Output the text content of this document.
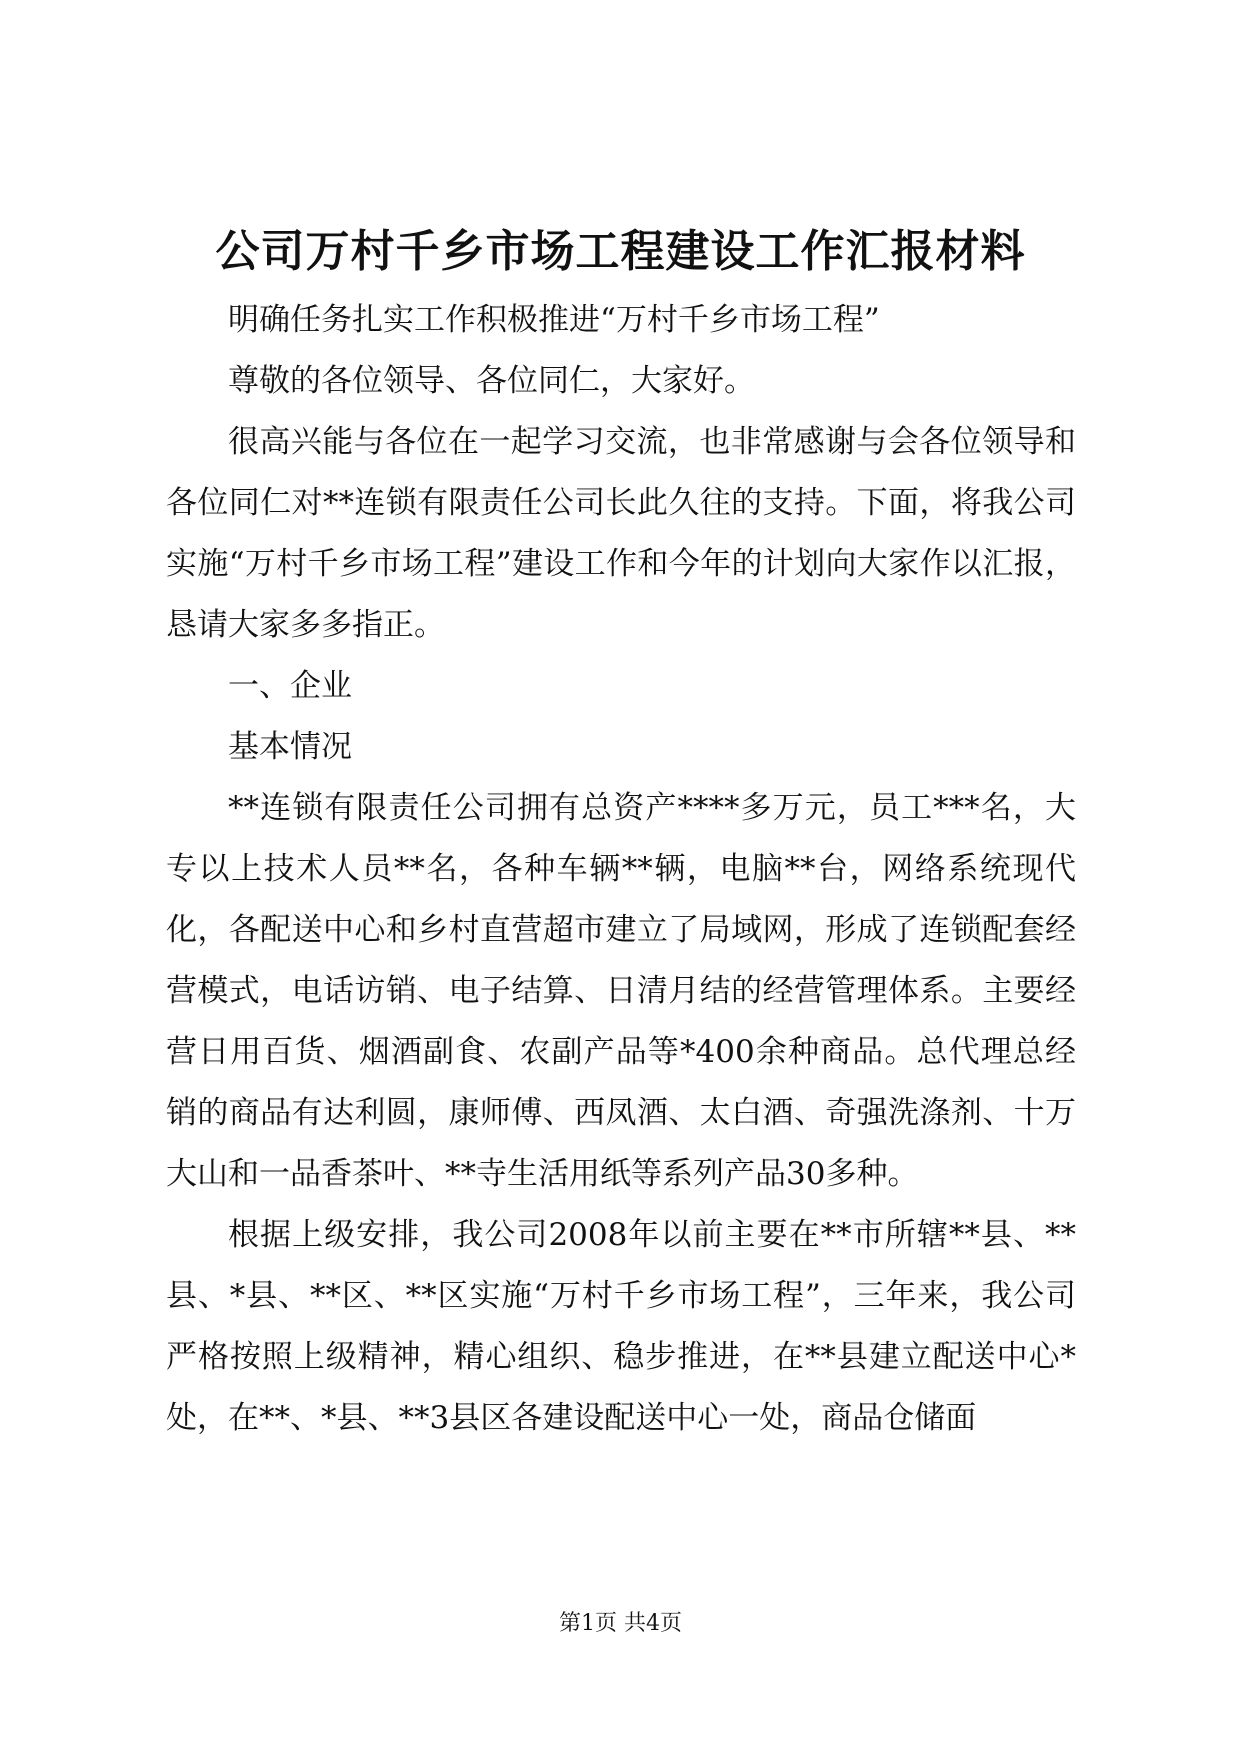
公司万村千乡市场工程建设工作汇报材料

明确任务扎实工作积极推进“万村千乡市场工程”

尊敬的各位领导、各位同仁，大家好。

很高兴能与各位在一起学习交流，也非常感谢与会各位领导和各位同仁对**连锁有限责任公司长此久往的支持。下面，将我公司实施“万村千乡市场工程”建设工作和今年的计划向大家作以汇报，恳请大家多多指正。

一、企业

基本情况

**连锁有限责任公司拥有总资产****多万元，员工***名，大专以上技术人员**名，各种车辆**辆，电脑**台，网络系统现代化，各配送中心和乡村直营超市建立了局域网，形成了连锁配套经营模式，电话访销、电子结算、日清月结的经营管理体系。主要经营日用百货、烟酒副食、农副产品等*400余种商品。总代理总经销的商品有达利圆，康师傅、西凤酒、太白酒、奇强洗涤剂、十万大山和一品香茶叶、**寺生活用纸等系列产品30多种。

根据上级安排，我公司2008年以前主要在**市所辖**县、**县、*县、**区、**区实施“万村千乡市场工程”，三年来，我公司严格按照上级精神，精心组织、稳步推进，在**县建立配送中心*处，在**、*县、**3县区各建设配送中心一处，商品仓储面

第1页 共4页
